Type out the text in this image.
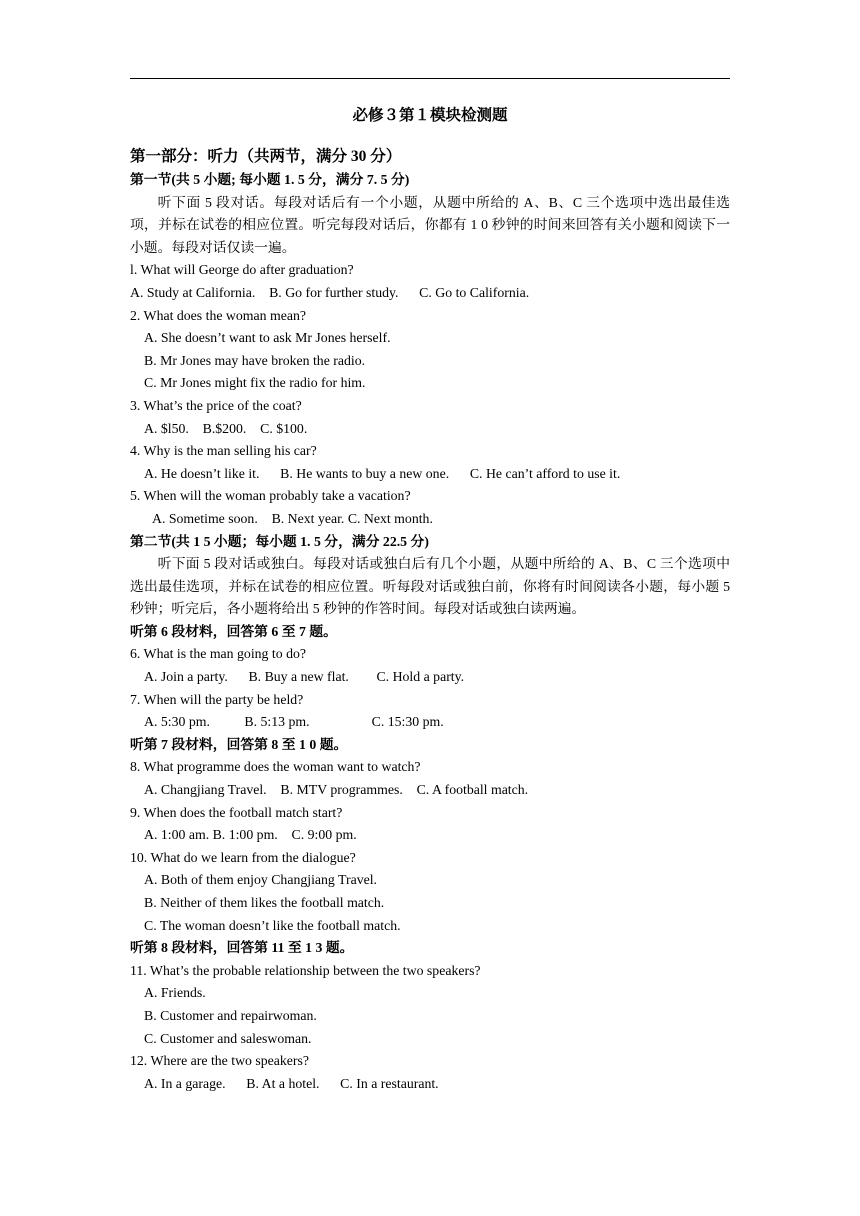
必修３第１模块检测题
第一部分：听力（共两节，满分 30 分）
第一节(共 5 小题; 每小题 1. 5 分，满分 7. 5 分)
听下面 5 段对话。每段对话后有一个小题，从题中所给的 A、B、C 三个选项中选出最佳选项，并标在试卷的相应位置。听完每段对话后，你都有 1 0 秒钟的时间来回答有关小题和阅读下一小题。每段对话仅读一遍。
l. What will George do after graduation?
A. Study at California.    B. Go for further study.      C. Go to California.
2. What does the woman mean?
A. She doesn’t want to ask Mr Jones herself.
B. Mr Jones may have broken the radio.
C. Mr Jones might fix the radio for him.
3. What’s the price of the coat?
A. $l50.    B.$200.    C. $100.
4. Why is the man selling his car?
A. He doesn’t like it.      B. He wants to buy a new one.      C. He can’t afford to use it.
5. When will the woman probably take a vacation?
A. Sometime soon.    B. Next year. C. Next month.
第二节(共 1 5 小题；每小题 1. 5 分，满分 22.5 分)
听下面 5 段对话或独白。每段对话或独白后有几个小题，从题中所给的 A、B、C 三个选项中选出最佳选项，并标在试卷的相应位置。听每段对话或独白前，你将有时间阅读各小题，每小题 5 秒钟；听完后，各小题将给出 5 秒钟的作答时间。每段对话或独白读两遍。
听第 6 段材料，回答第 6 至 7 题。
6. What is the man going to do?
A. Join a party.      B. Buy a new flat.        C. Hold a party.
7. When will the party be held?
A. 5:30 pm.          B. 5:13 pm.                  C. 15:30 pm.
听第 7 段材料，回答第 8 至 1 0 题。
8. What programme does the woman want to watch?
A. Changjiang Travel.    B. MTV programmes.    C. A football match.
9. When does the football match start?
A. 1:00 am. B. 1:00 pm.    C. 9:00 pm.
10. What do we learn from the dialogue?
A. Both of them enjoy Changjiang Travel.
B. Neither of them likes the football match.
C. The woman doesn’t like the football match.
听第 8 段材料，回答第 11 至 1 3 题。
11. What’s the probable relationship between the two speakers?
A. Friends.
B. Customer and repairwoman.
C. Customer and saleswoman.
12. Where are the two speakers?
A. In a garage.      B. At a hotel.      C. In a restaurant.
